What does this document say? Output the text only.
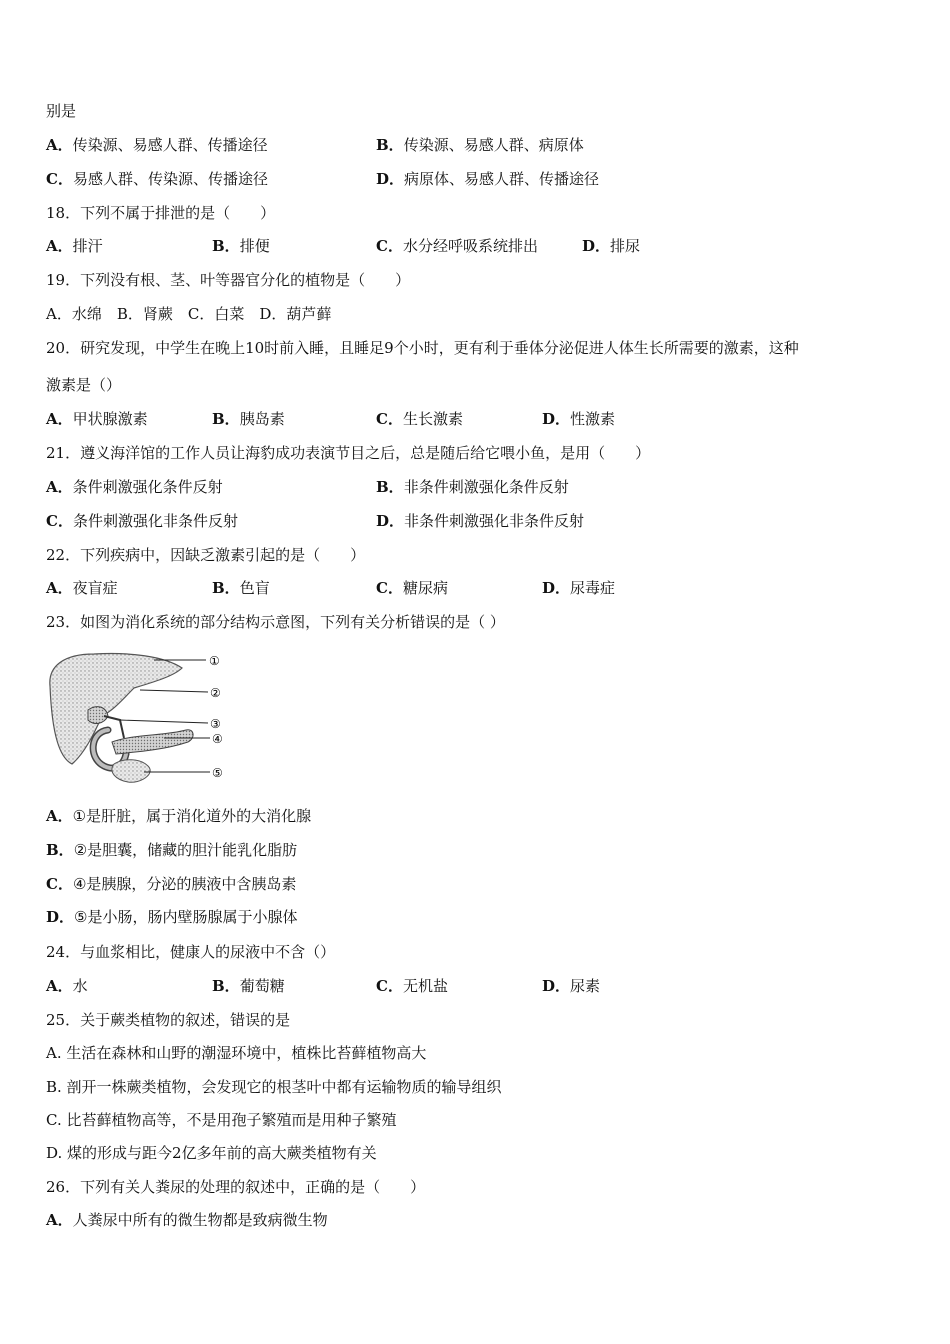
别是
A．传染源、易感人群、传播途径	B．传染源、易感人群、病原体
C．易感人群、传染源、传播途径	D．病原体、易感人群、传播途径
18．下列不属于排泄的是（　　）
A．排汗	B．排便	C．水分经呼吸系统排出	D．排尿
19．下列没有根、茎、叶等器官分化的植物是（　　）
A．水绵　B．肾蕨　C．白菜　D．葫芦藓
20．研究发现，中学生在晚上10时前入睡，且睡足9个小时，更有利于垂体分泌促进人体生长所需要的激素，这种
激素是（）
A．甲状腺激素	B．胰岛素	C．生长激素	D．性激素
21．遵义海洋馆的工作人员让海豹成功表演节目之后，总是随后给它喂小鱼，是用（　　）
A．条件刺激强化条件反射	B．非条件刺激强化条件反射
C．条件刺激强化非条件反射	D．非条件刺激强化非条件反射
22．下列疾病中，因缺乏激素引起的是（　　）
A．夜盲症	B．色盲	C．糖尿病	D．尿毒症
23．如图为消化系统的部分结构示意图，下列有关分析错误的是（ ）
①
②
③
④
⑤
A．①是肝脏，属于消化道外的大消化腺
B．②是胆囊，储藏的胆汁能乳化脂肪
C．④是胰腺，分泌的胰液中含胰岛素
D．⑤是小肠，肠内壁肠腺属于小腺体
24．与血浆相比，健康人的尿液中不含（）
A．水	B．葡萄糖	C．无机盐	D．尿素
25．关于蕨类植物的叙述，错误的是
A. 生活在森林和山野的潮湿环境中，植株比苔藓植物高大
B. 剖开一株蕨类植物，会发现它的根茎叶中都有运输物质的输导组织
C. 比苔藓植物高等，不是用孢子繁殖而是用种子繁殖
D. 煤的形成与距今2亿多年前的高大蕨类植物有关
26．下列有关人粪尿的处理的叙述中，正确的是（　　）
A．人粪尿中所有的微生物都是致病微生物
